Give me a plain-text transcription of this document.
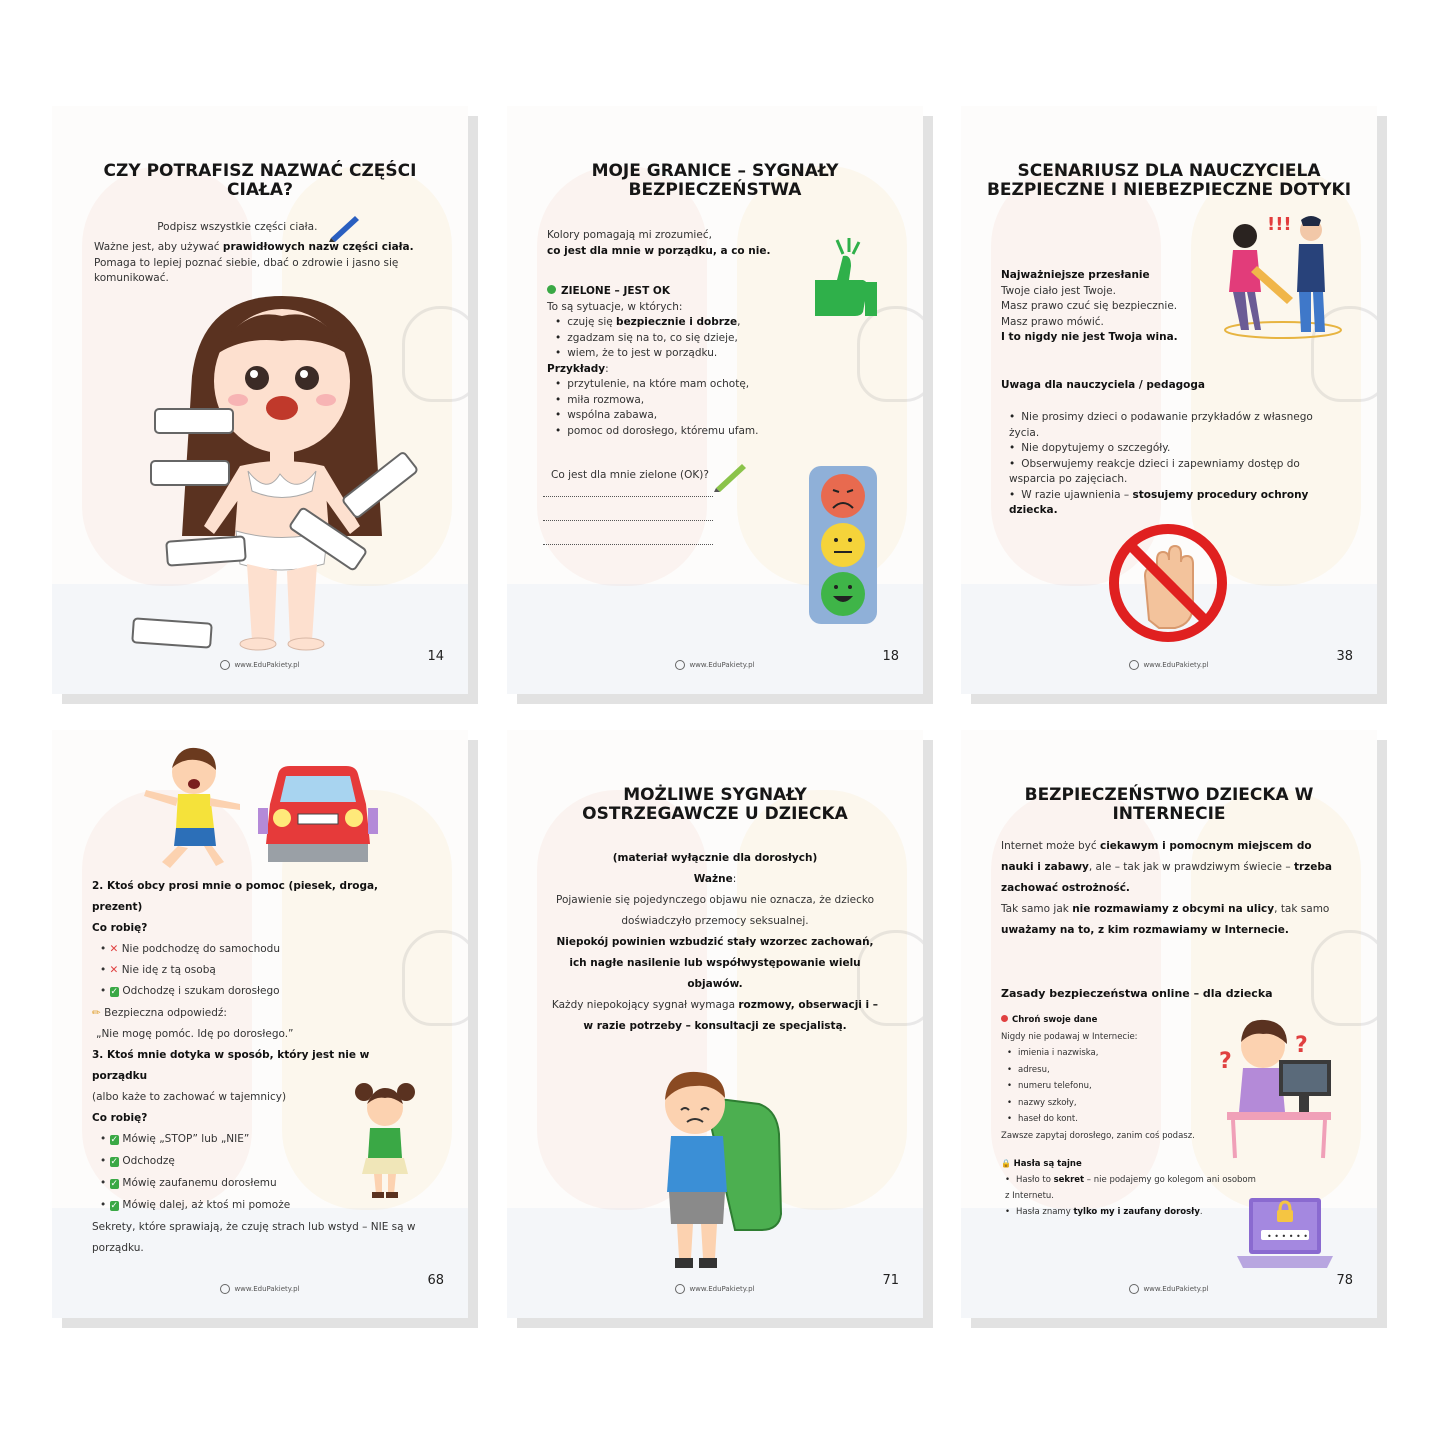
CZY POTRAFISZ NAZWAĆ CZĘŚCI CIAŁA?
Podpisz wszystkie części ciała.
Ważne jest, aby używać prawidłowych nazw części ciała. Pomaga to lepiej poznać siebie, dbać o zdrowie i jasno się komunikować.
www.EduPakiety.pl
14
MOJE GRANICE – SYGNAŁY BEZPIECZEŃSTWA
Kolory pomagają mi zrozumieć,
co jest dla mnie w porządku, a co nie.
ZIELONE – JEST OK
To są sytuacje, w których:
• czuję się bezpiecznie i dobrze,
• zgadzam się na to, co się dzieje,
• wiem, że to jest w porządku.
Przykłady:
• przytulenie, na które mam ochotę,
• miła rozmowa,
• wspólna zabawa,
• pomoc od dorosłego, któremu ufam.
Co jest dla mnie zielone (OK)?
www.EduPakiety.pl
18
SCENARIUSZ DLA NAUCZYCIELA BEZPIECZNE I NIEBEZPIECZNE DOTYKI
!!!
Najważniejsze przesłanie
Twoje ciało jest Twoje.
Masz prawo czuć się bezpiecznie.
Masz prawo mówić.
I to nigdy nie jest Twoja wina.
Uwaga dla nauczyciela / pedagoga
• Nie prosimy dzieci o podawanie przykładów z własnego życia.
• Nie dopytujemy o szczegóły.
• Obserwujemy reakcje dzieci i zapewniamy dostęp do wsparcia po zajęciach.
• W razie ujawnienia – stosujemy procedury ochrony dziecka.
www.EduPakiety.pl
38
2. Ktoś obcy prosi mnie o pomoc (piesek, droga, prezent)
Co robię?
• ✕ Nie podchodzę do samochodu
• ✕ Nie idę z tą osobą
• ✓ Odchodzę i szukam dorosłego
✏ Bezpieczna odpowiedź:
„Nie mogę pomóc. Idę po dorosłego.”
3. Ktoś mnie dotyka w sposób, który jest nie w porządku
(albo każe to zachować w tajemnicy)
Co robię?
• ✓ Mówię „STOP” lub „NIE”
• ✓ Odchodzę
• ✓ Mówię zaufanemu dorosłemu
• ✓ Mówię dalej, aż ktoś mi pomoże
Sekrety, które sprawiają, że czuję strach lub wstyd – NIE są w porządku.
www.EduPakiety.pl
68
MOŻLIWE SYGNAŁY OSTRZEGAWCZE U DZIECKA
(materiał wyłącznie dla dorosłych)
Ważne:
Pojawienie się pojedynczego objawu nie oznacza, że dziecko doświadczyło przemocy seksualnej.
Niepokój powinien wzbudzić stały wzorzec zachowań, ich nagłe nasilenie lub współwystępowanie wielu objawów.
Każdy niepokojący sygnał wymaga rozmowy, obserwacji i – w razie potrzeby – konsultacji ze specjalistą.
www.EduPakiety.pl
71
BEZPIECZEŃSTWO DZIECKA W INTERNECIE
Internet może być ciekawym i pomocnym miejscem do nauki i zabawy, ale – tak jak w prawdziwym świecie – trzeba zachować ostrożność.
Tak samo jak nie rozmawiamy z obcymi na ulicy, tak samo uważamy na to, z kim rozmawiamy w Internecie.
Zasady bezpieczeństwa online – dla dziecka
Chroń swoje dane
Nigdy nie podawaj w Internecie:
• imienia i nazwiska,
• adresu,
• numeru telefonu,
• nazwy szkoły,
• haseł do kont.
Zawsze zapytaj dorosłego, zanim coś podasz.
🔒 Hasła są tajne
• Hasło to sekret – nie podajemy go kolegom ani osobom z Internetu.
• Hasła znamy tylko my i zaufany dorosły.
?
?
• • • • • •
www.EduPakiety.pl
78
